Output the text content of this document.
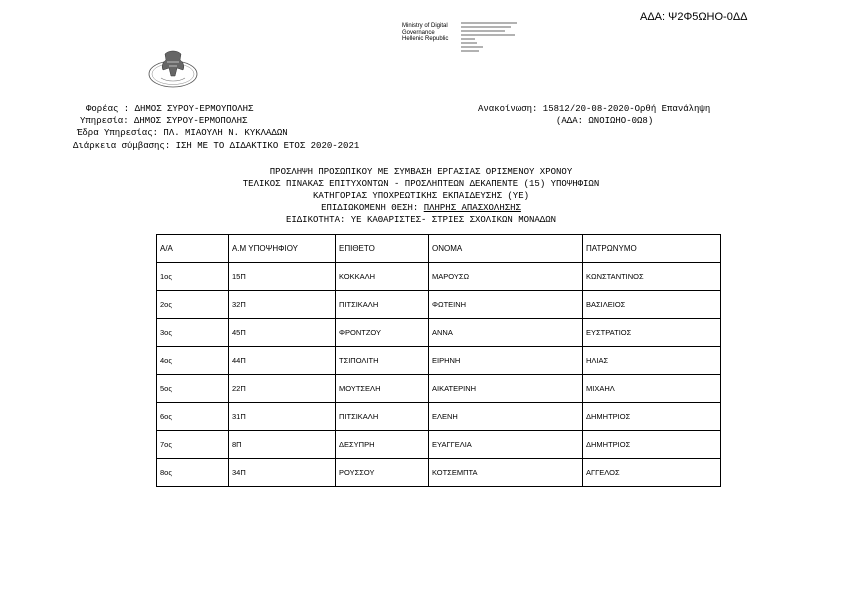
ΑΔΑ: Ψ2Φ5ΩΗΟ-0ΔΔ
Ministry of Digital
Governance
Hellenic Republic
Φορέας : ΔΗΜΟΣ ΣΥΡΟΥ-ΕΡΜΟΥΠΟΛΗΣ
Υπηρεσία: ΔΗΜΟΣ ΣΥΡΟΥ-ΕΡΜΟΠΟΛΗΣ
Έδρα Υπηρεσίας: ΠΛ. ΜΙΑΟΥΛΗ Ν. ΚΥΚΛΑΔΩΝ
Διάρκεια σύμβασης: ΙΣΗ ΜΕ ΤΟ ΔΙΔΑΚΤΙΚΟ ΕΤΟΣ 2020-2021
Ανακοίνωση: 15812/20-08-2020-Ορθή Επανάληψη
(ΑΔΑ: ΩΝΟΙΩΗΟ-0Ω8)
ΠΡΟΣΛΗΨΗ ΠΡΟΣΩΠΙΚΟΥ ΜΕ ΣΥΜΒΑΣΗ ΕΡΓΑΣΙΑΣ ΟΡΙΣΜΕΝΟΥ ΧΡΟΝΟΥ
ΤΕΛΙΚΟΣ ΠΙΝΑΚΑΣ ΕΠΙΤΥΧΟΝΤΩΝ - ΠΡΟΣΛΗΠΤΕΩΝ ΔΕΚΑΠΕΝΤΕ (15) ΥΠΟΨΗΦΙΩΝ
ΚΑΤΗΓΟΡΙΑΣ ΥΠΟΧΡΕΩΤΙΚΗΣ ΕΚΠΑΙΔΕΥΣΗΣ (ΥΕ)
ΕΠΙΔΙΩΚΟΜΕΝΗ ΘΕΣΗ: ΠΛΗΡΗΣ ΑΠΑΣΧΟΛΗΣΗΣ
ΕΙΔΙΚΟΤΗΤΑ: ΥΕ ΚΑΘΑΡΙΣΤΕΣ- ΣΤΡΙΕΣ ΣΧΟΛΙΚΩΝ ΜΟΝΑΔΩΝ
Α/Α	Α.Μ ΥΠΟΨΗΦΙΟΥ	ΕΠΙΘΕΤΟ	ΟΝΟΜΑ	ΠΑΤΡΩΝΥΜΟ
1ος	15Π	ΚΟΚΚΑΛΗ	ΜΑΡΟΥΣΩ	ΚΩΝΣΤΑΝΤΙΝΟΣ
2ος	32Π	ΠΙΤΣΙΚΑΛΗ	ΦΩΤΕΙΝΗ	ΒΑΣΙΛΕΙΟΣ
3ος	45Π	ΦΡΟΝΤΖΟΥ	ΑΝΝΑ	ΕΥΣΤΡΑΤΙΟΣ
4ος	44Π	ΤΣΙΠΟΛΙΤΗ	ΕΙΡΗΝΗ	ΗΛΙΑΣ
5ος	22Π	ΜΟΥΤΣΕΛΗ	ΑΙΚΑΤΕΡΙΝΗ	ΜΙΧΑΗΛ
6ος	31Π	ΠΙΤΣΙΚΑΛΗ	ΕΛΕΝΗ	ΔΗΜΗΤΡΙΟΣ
7ος	8Π	ΔΕΣΥΠΡΗ	ΕΥΑΓΓΕΛΙΑ	ΔΗΜΗΤΡΙΟΣ
8ος	34Π	ΡΟΥΣΣΟΥ	ΚΟΤΣΕΜΠΤΑ	ΑΓΓΕΛΟΣ
